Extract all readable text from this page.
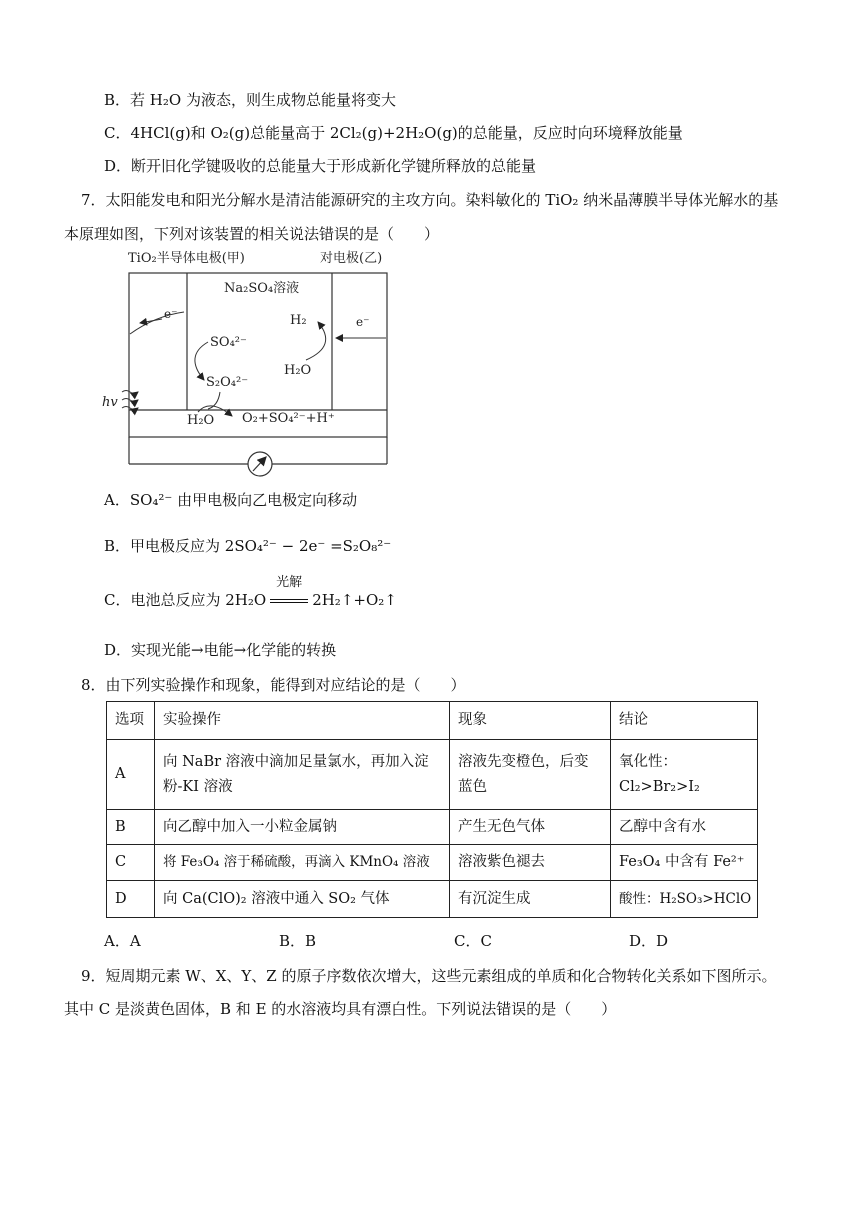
B．若 H₂O 为液态，则生成物总能量将变大
C．4HCl(g)和 O₂(g)总能量高于 2Cl₂(g)+2H₂O(g)的总能量，反应时向环境释放能量
D．断开旧化学键吸收的总能量大于形成新化学键所释放的总能量
7．太阳能发电和阳光分解水是清洁能源研究的主攻方向。染料敏化的 TiO₂ 纳米晶薄膜半导体光解水的基
本原理如图，下列对该装置的相关说法错误的是（　　）
TiO₂半导体电极(甲)	对电极(乙)
Na₂SO₄溶液
e⁻
hv
SO₄²⁻
S₂O₄²⁻
H₂O O₂+SO₄²⁻+H⁺
H₂
H₂O
e⁻
A．SO₄²⁻ 由甲电极向乙电极定向移动
B．甲电极反应为 2SO₄²⁻ − 2e⁻ =S₂O₈²⁻
C．电池总反应为 2H₂O
光解
2H₂↑+O₂↑
D．实现光能→电能→化学能的转换
8．由下列实验操作和现象，能得到对应结论的是（　　）
选项	实验操作	现象	结论
A	向 NaBr 溶液中滴加足量氯水，再加入淀粉-KI 溶液	溶液先变橙色，后变蓝色	氧化性：Cl₂>Br₂>I₂
B	向乙醇中加入一小粒金属钠	产生无色气体	乙醇中含有水
C	将 Fe₃O₄ 溶于稀硫酸，再滴入 KMnO₄ 溶液	溶液紫色褪去	Fe₃O₄ 中含有 Fe²⁺
D	向 Ca(ClO)₂ 溶液中通入 SO₂ 气体	有沉淀生成	酸性：H₂SO₃>HClO
A．A	B．B	C．C	D．D
9．短周期元素 W、X、Y、Z 的原子序数依次增大，这些元素组成的单质和化合物转化关系如下图所示。
其中 C 是淡黄色固体，B 和 E 的水溶液均具有漂白性。下列说法错误的是（　　）
